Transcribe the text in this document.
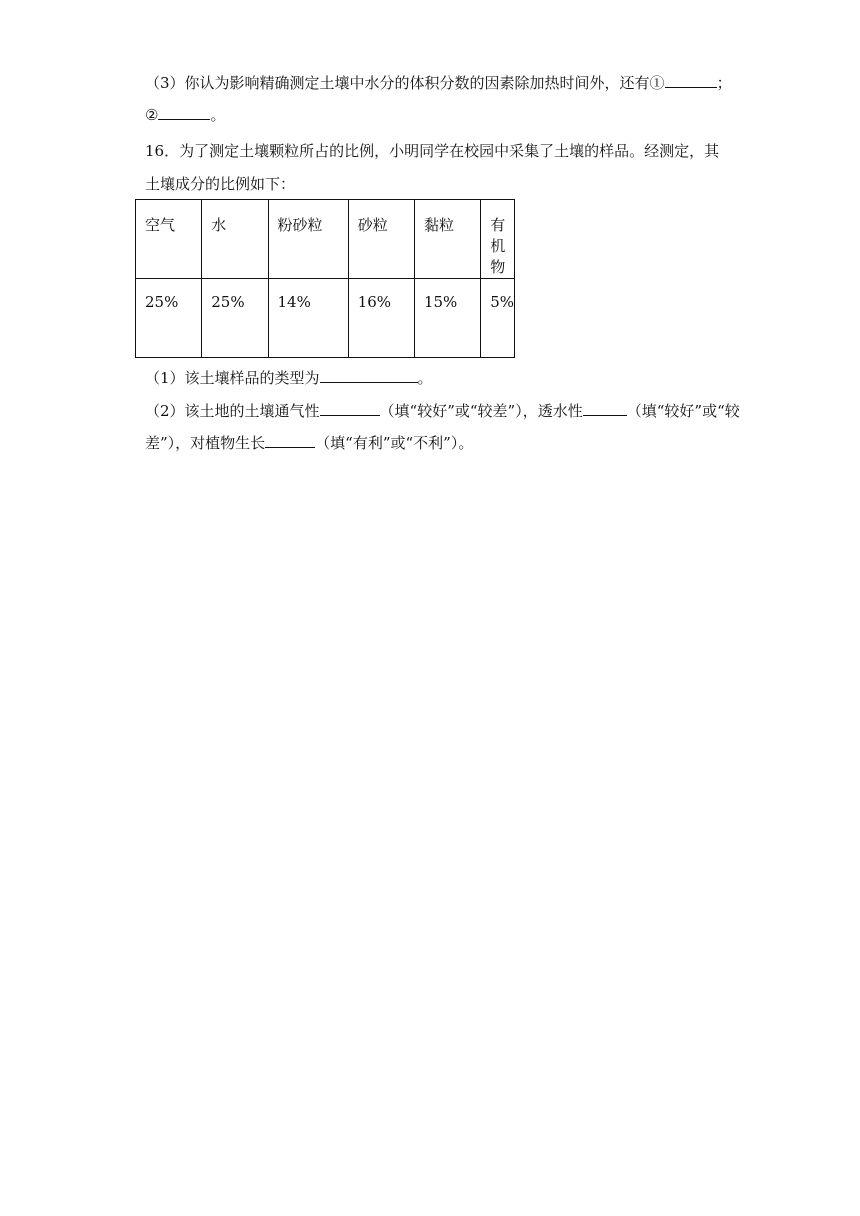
（3）你认为影响精确测定土壤中水分的体积分数的因素除加热时间外，还有①	；
②	。
16．为了测定土壤颗粒所占的比例，小明同学在校园中采集了土壤的样品。经测定，其
土壤成分的比例如下：
空气	水	粉砂粒	砂粒	黏粒	有机物
25%	25%	14%	16%	15%	5%
（1）该土壤样品的类型为	。
（2）该土地的土壤通气性	（填“较好”或“较差”），透水性	（填“较好”或“较
差”），对植物生长	（填“有利”或“不利”）。
